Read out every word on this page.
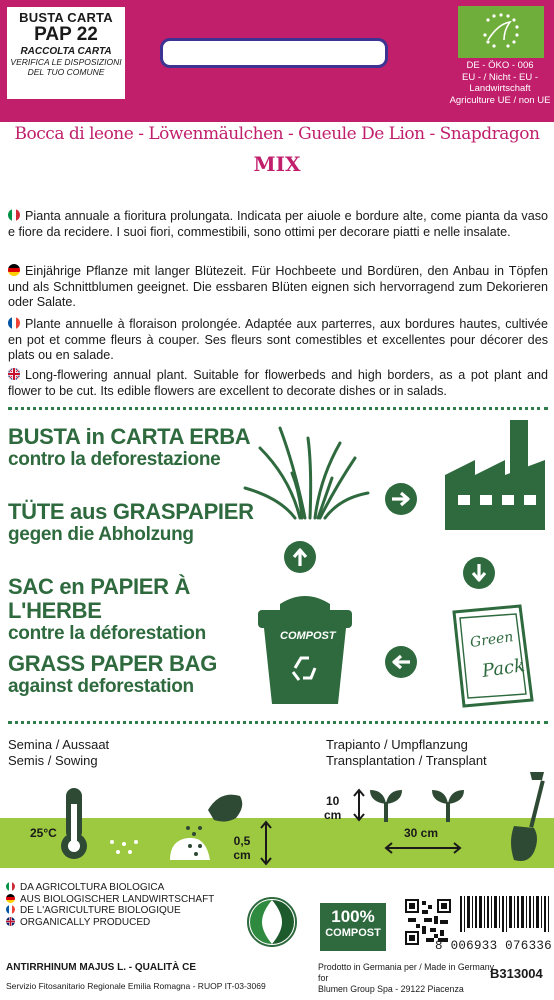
BUSTA CARTA
PAP 22
RACCOLTA CARTA
VERIFICA LE DISPOSIZIONI
DEL TUO COMUNE
DE - ÖKO - 006
EU - / Nicht - EU -
Landwirtschaft
Agriculture UE / non UE
Bocca di leone - Löwenmäulchen - Gueule De Lion - Snapdragon
MIX
Pianta annuale a fioritura prolungata. Indicata per aiuole e bordure alte, come pianta da vaso e fiore da recidere. I suoi fiori, commestibili, sono ottimi per decorare piatti e nelle insalate.
Einjährige Pflanze mit langer Blütezeit. Für Hochbeete und Bordüren, den Anbau in Töpfen und als Schnittblumen geeignet. Die essbaren Blüten eignen sich hervorragend zum Dekorieren oder Salate.
Plante annuelle à floraison prolongée. Adaptée aux parterres, aux bordures hautes, cultivée en pot et comme fleurs à couper. Ses fleurs sont comestibles et excellentes pour décorer des plats ou en salade.
Long-flowering annual plant. Suitable for flowerbeds and high borders, as a pot plant and flower to be cut. Its edible flowers are excellent to decorate dishes or in salads.
BUSTA in CARTA ERBA
contro la deforestazione
TÜTE aus GRASPAPIER
gegen die Abholzung
SAC en PAPIER À L'HERBE
contre la déforestation
GRASS PAPER BAG
against deforestation
COMPOST	Green
Pack
Semina / Aussaat
Semis / Sowing
Trapianto / Umpflanzung
Transplantation / Transplant
25°C
0,5
cm
10
cm
30 cm
DA AGRICOLTURA BIOLOGICA
AUS BIOLOGISCHER LANDWIRTSCHAFT
DE L'AGRICULTURE BIOLOGIQUE
ORGANICALLY PRODUCED	100%
COMPOST
8 006933 076336
ANTIRRHINUM MAJUS L. - QUALITÀ CE
Servizio Fitosanitario Regionale Emilia Romagna - RUOP IT-03-3069
Prodotto in Germania per / Made in Germany for
Blumen Group Spa - 29122 Piacenza
B313004
